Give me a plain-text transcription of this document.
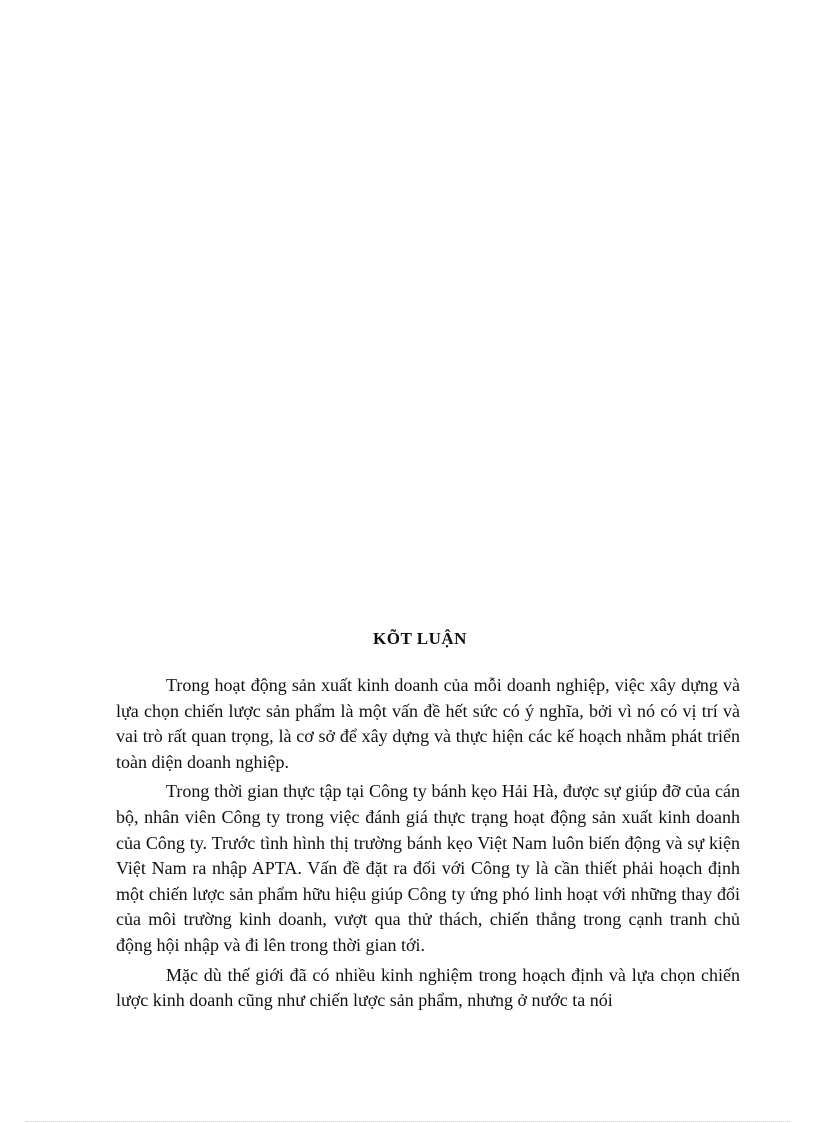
KÕT LUẬN

Trong hoạt động sản xuất kinh doanh của mỗi doanh nghiệp, việc xây dựng và lựa chọn chiến lược sản phẩm là một vấn đề hết sức có ý nghĩa, bởi vì nó có vị trí và vai trò rất quan trọng, là cơ sở để xây dựng và thực hiện các kế hoạch nhằm phát triển toàn diện doanh nghiệp.

Trong thời gian thực tập tại Công ty bánh kẹo Hải Hà, được sự giúp đỡ của cán bộ, nhân viên Công ty trong việc đánh giá thực trạng hoạt động sản xuất kinh doanh của Công ty. Trước tình hình thị trường bánh kẹo Việt Nam luôn biến động và sự kiện Việt Nam ra nhập APTA. Vấn đề đặt ra đối với Công ty là cần thiết phải hoạch định một chiến lược sản phẩm hữu hiệu giúp Công ty ứng phó linh hoạt với những thay đổi của môi trường kinh doanh, vượt qua thử thách, chiến thắng trong cạnh tranh chủ động hội nhập và đi lên trong thời gian tới.

Mặc dù thế giới đã có nhiều kinh nghiệm trong hoạch định và lựa chọn chiến lược kinh doanh cũng như chiến lược sản phẩm, nhưng ở nước ta nói
